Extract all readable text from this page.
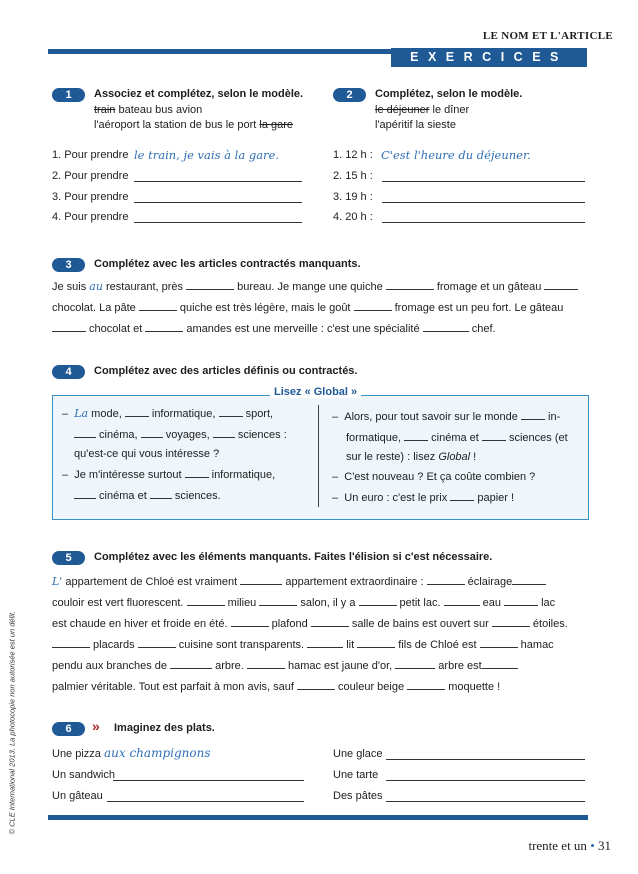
LE NOM ET L'ARTICLE
EXERCICES
1	Associez et complétez, selon le modèle.
train bateau bus avion
l'aéroport la station de bus le port la gare
1. Pour prendre le train, je vais à la gare.
2. Pour prendre
3. Pour prendre
4. Pour prendre
2	Complétez, selon le modèle.
le déjeuner le dîner
l'apéritif la sieste
1. 12 h : C'est l'heure du déjeuner.
2. 15 h :
3. 19 h :
4. 20 h :
3	Complétez avec les articles contractés manquants.
Je suis au restaurant, près	bureau. Je mange une quiche	fromage et un gâteau
chocolat. La pâte	quiche est très légère, mais le goût	fromage est un peu fort. Le gâteau
chocolat et	amandes est une merveille : c'est une spécialité	chef.
4	Complétez avec des articles définis ou contractés.
Lisez « Global »
– La mode,  informatique,  sport,
cinéma,  voyages,  sciences :
qu'est-ce qui vous intéresse ?
– Je m'intéresse surtout  informatique,
cinéma et  sciences.
– Alors, pour tout savoir sur le monde  in-
formatique,  cinéma et  sciences (et
sur le reste) : lisez Global !
– C'est nouveau ? Et ça coûte combien ?
– Un euro : c'est le prix  papier !
5	Complétez avec les éléments manquants. Faites l'élision si c'est nécessaire.
L' appartement de Chloé est vraiment	appartement extraordinaire :	éclairage
couloir est vert fluorescent.	milieu	salon, il y a	petit lac.	eau	lac
est chaude en hiver et froide en été.	plafond	salle de bains est ouvert sur	étoiles.
placards	cuisine sont transparents.	lit	fils de Chloé est	hamac
pendu aux branches de	arbre.	hamac est jaune d'or,	arbre est
palmier véritable. Tout est parfait à mon avis, sauf	couleur beige	moquette !
6	» Imaginez des plats.
Une pizza aux champignons
Un sandwich
Un gâteau
Une glace
Une tarte
Des pâtes
© CLE International 2013. La photocopie non autorisée est un délit.
trente et un • 31
